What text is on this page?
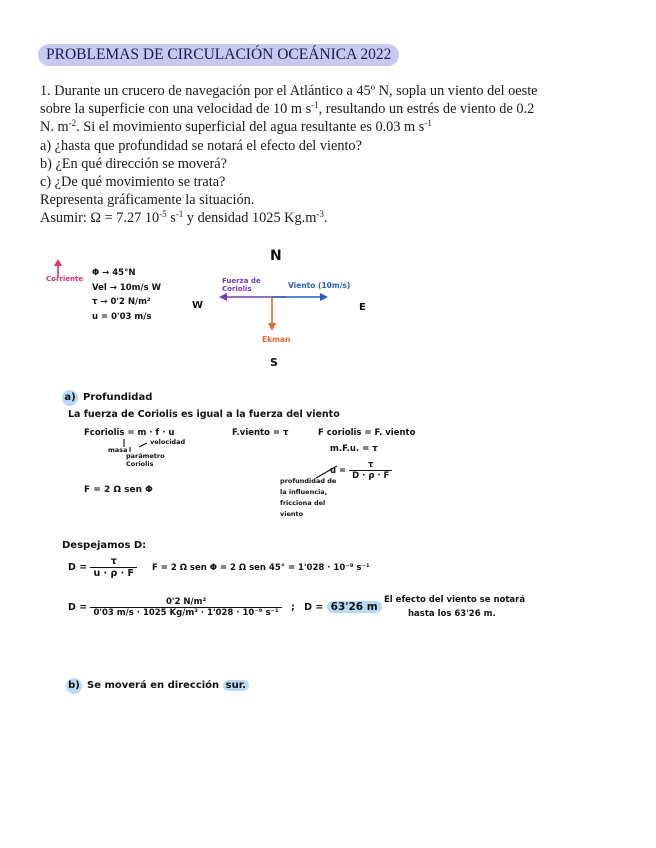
PROBLEMAS DE CIRCULACIÓN OCEÁNICA 2022

1. Durante un crucero de navegación por el Atlántico a 45º N, sopla un viento del oeste

sobre la superficie con una velocidad de 10 m $s^{-1}$, resultando un estrés de viento de 0.2

N. $m^{-2}$. Si el movimiento superficial del agua resultante es 0.03 m $s^{-1}$

a) ¿hasta que profundidad se notará el efecto del viento?

b) ¿En qué dirección se moverá?

c) ¿De qué movimiento se trata?

Representa gráficamente la situación.

Asumir: Ω = 7.27 $10^{-5}$ $s^{-1}$ y densidad 1025 $Kg.m^{-3}$.

N
S
W	E
Corriente	Fuerza de Coriolis	Viento (10m/s)
Ekman
Φ → 45°N
Vel → 10m/s W
τ → 0'2 N/m²
u = 0'03 m/s
a) Profundidad
La fuerza de Coriolis es igual a la fuerza del viento
Fcoriolis = m · f · u
masa
parámetro Coriolis
velocidad
F.viento = τ	F coriolis = F. viento
m.F.u. = τ
$u = \frac{\tau}{D \cdot \rho \cdot F}$
profundidad de la influencia, fricciona del viento
F = 2 Ω sen Φ
Despejamos D:
$D = \frac{\tau}{u \cdot \rho \cdot F}$ F = 2 Ω sen Φ = 2 Ω sen 45° = 1'028 · 10⁻⁹ s⁻¹
$D = \frac{\text{0'2 N/m²}}{\text{0'03 m/s · 1025 Kg/m³ · 1'028 · 10⁻⁹ s⁻¹}}$ ; D = 63'26 m
El efecto del viento se notará
hasta los 63'26 m.
b) Se moverá en dirección sur.
